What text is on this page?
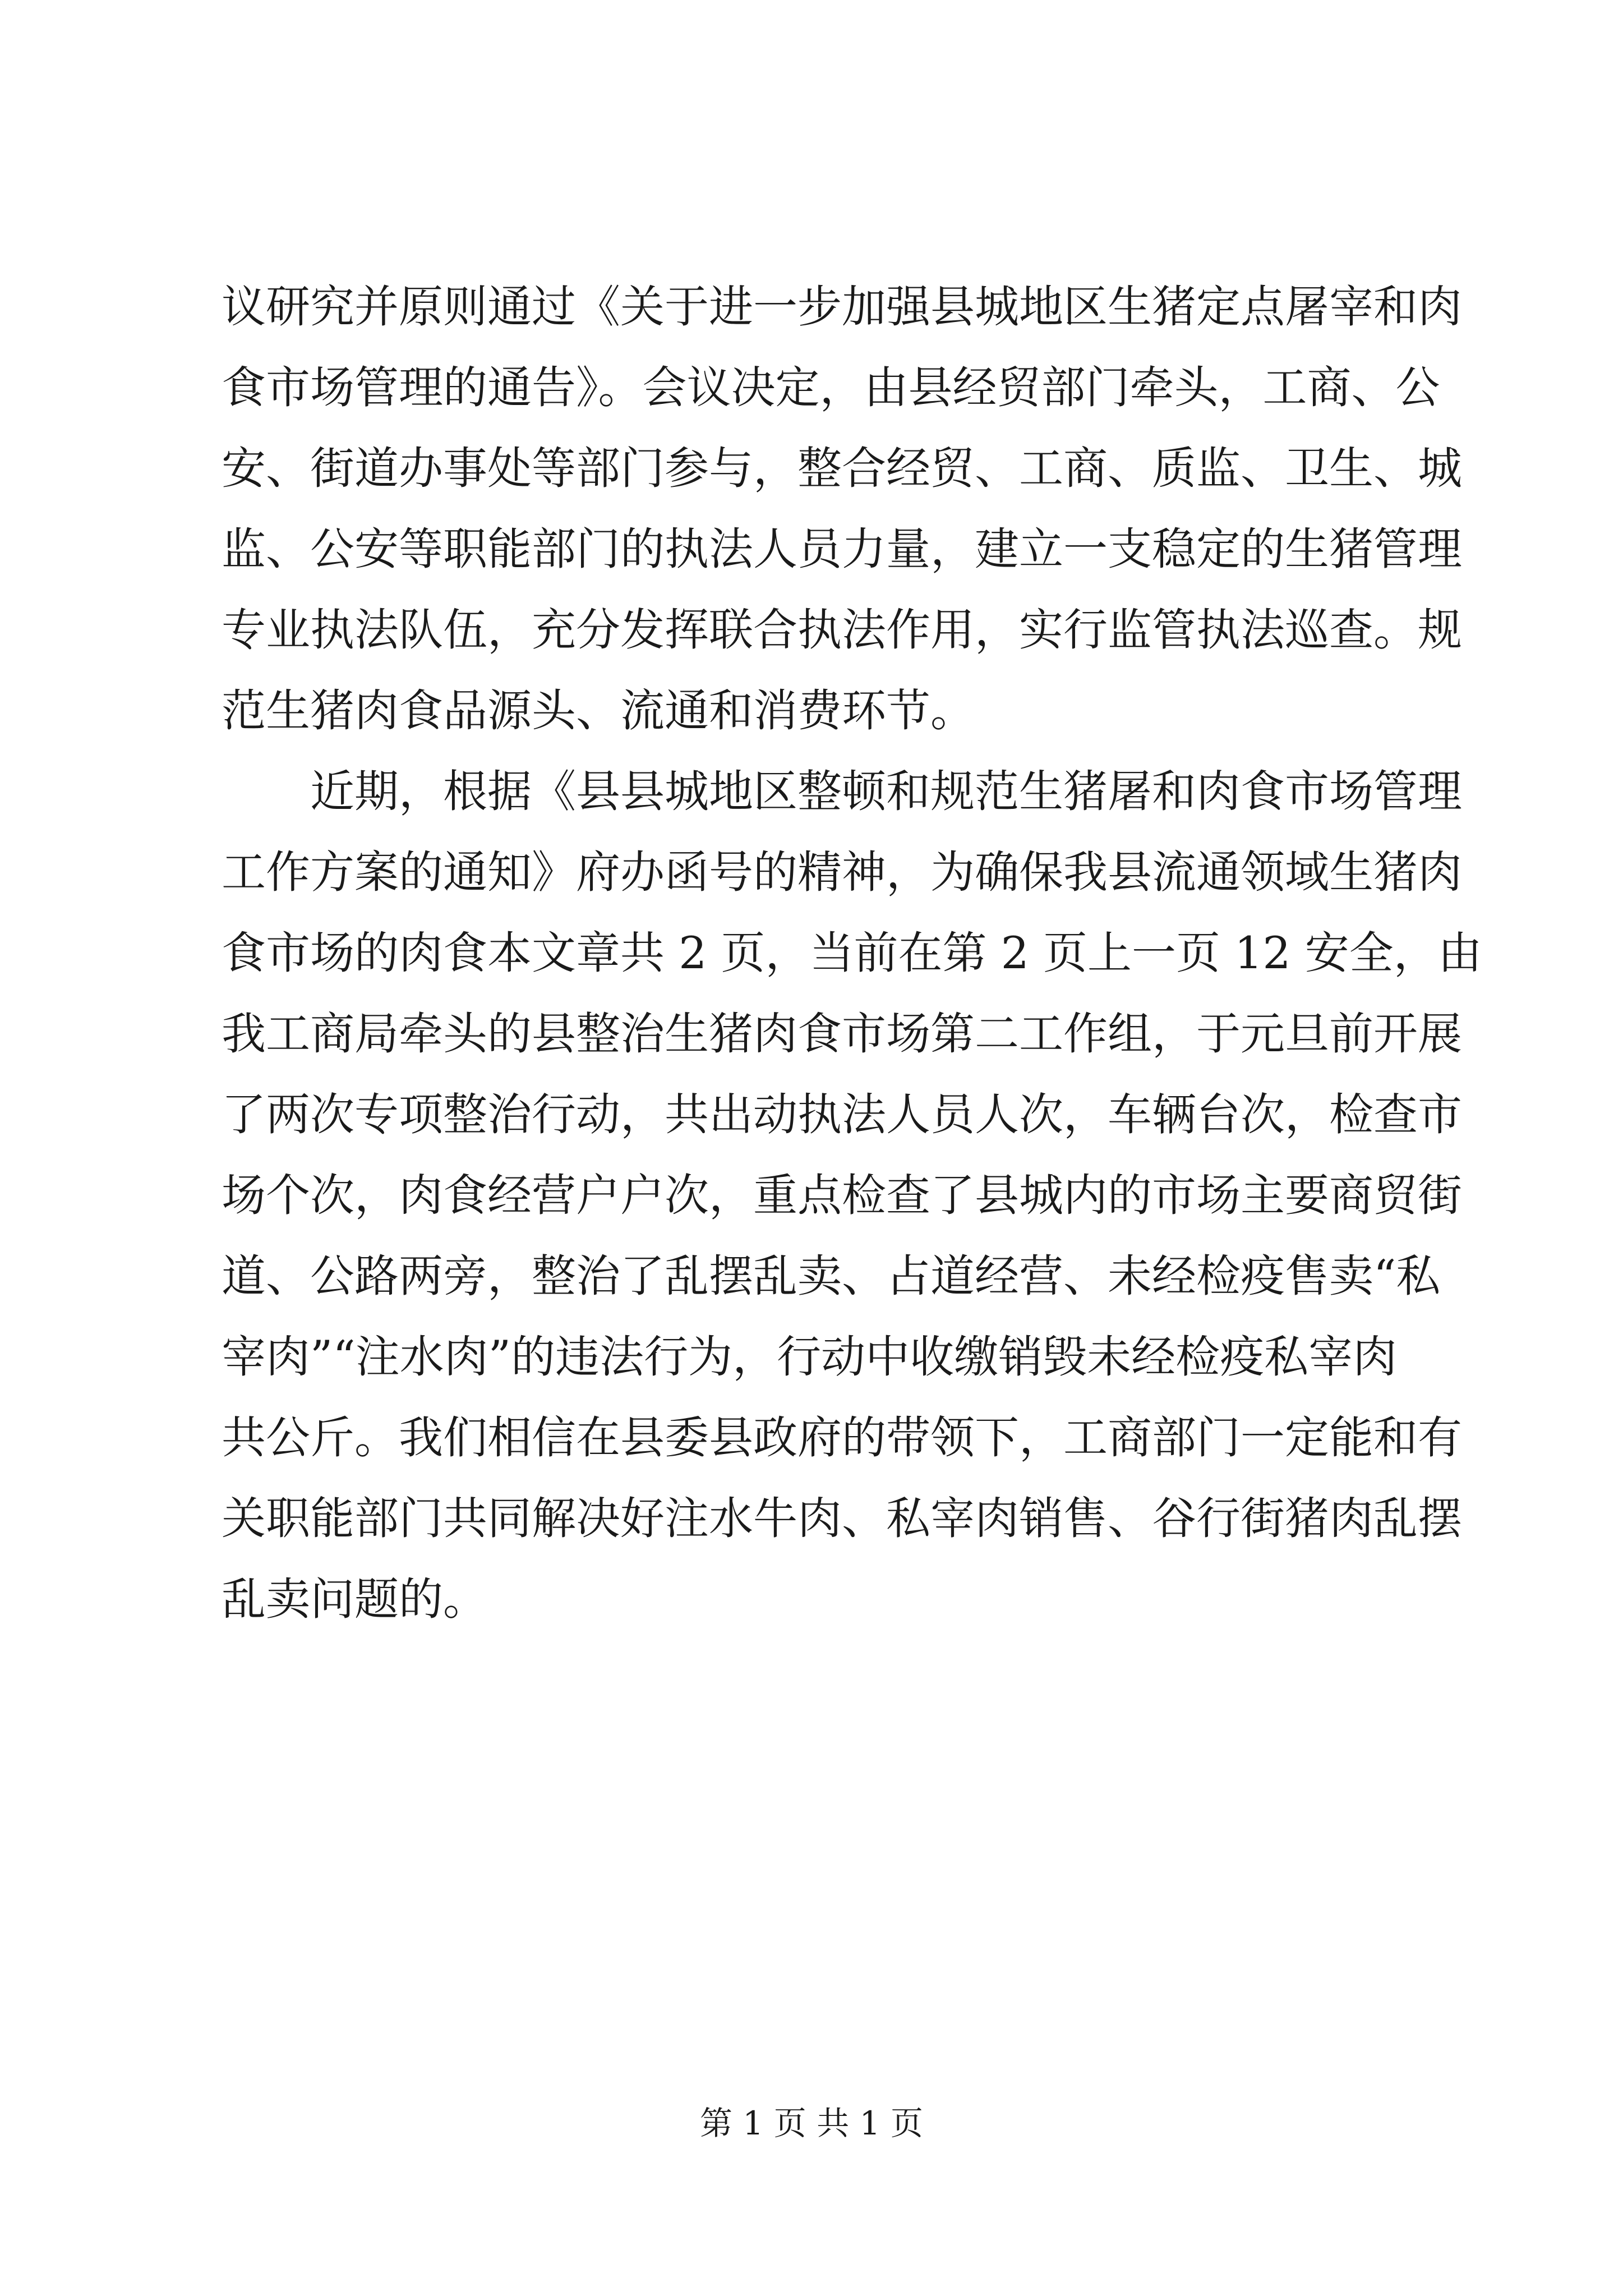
议研究并原则通过《关于进一步加强县城地区生猪定点屠宰和肉
食市场管理的通告》。会议决定，由县经贸部门牵头，工商、公
安、街道办事处等部门参与，整合经贸、工商、质监、卫生、城
监、公安等职能部门的执法人员力量，建立一支稳定的生猪管理
专业执法队伍，充分发挥联合执法作用，实行监管执法巡查。规
范生猪肉食品源头、流通和消费环节。
近期，根据《县县城地区整顿和规范生猪屠和肉食市场管理
工作方案的通知》府办函号的精神，为确保我县流通领域生猪肉
食市场的肉食本文章共 2 页，当前在第 2 页上一页 12 安全，由
我工商局牵头的县整治生猪肉食市场第二工作组，于元旦前开展
了两次专项整治行动，共出动执法人员人次，车辆台次，检查市
场个次，肉食经营户户次，重点检查了县城内的市场主要商贸街
道、公路两旁，整治了乱摆乱卖、占道经营、未经检疫售卖“私
宰肉”“注水肉”的违法行为，行动中收缴销毁未经检疫私宰肉
共公斤。我们相信在县委县政府的带领下，工商部门一定能和有
关职能部门共同解决好注水牛肉、私宰肉销售、谷行街猪肉乱摆
乱卖问题的。
第 1 页 共 1 页
